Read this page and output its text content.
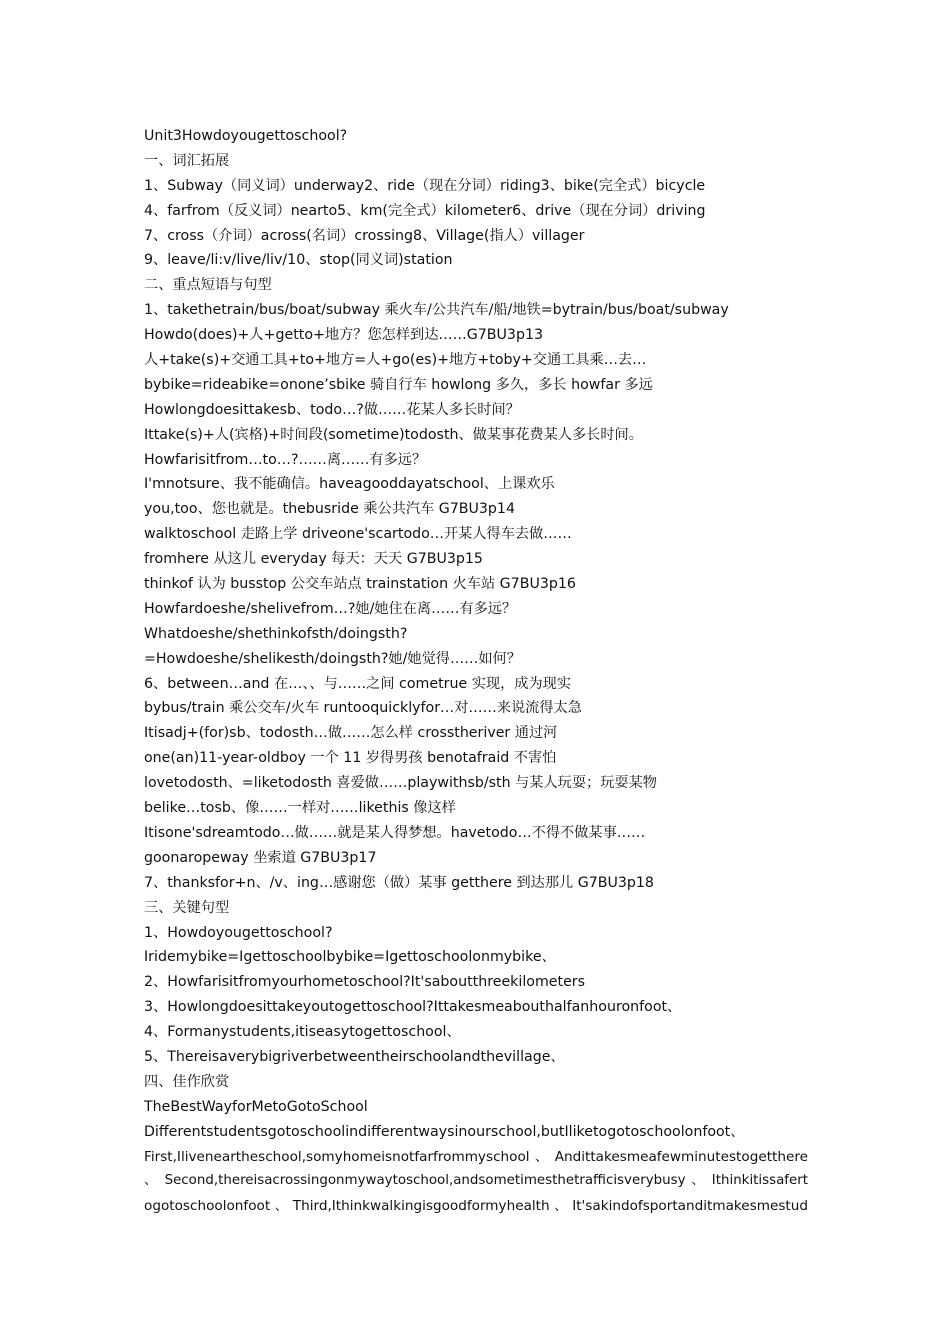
Unit3Howdoyougettoschool?
一、词汇拓展
1、Subway（同义词）underway2、ride（现在分词）riding3、bike(完全式）bicycle
4、farfrom（反义词）nearto5、km(完全式）kilometer6、drive（现在分词）driving
7、cross（介词）across(名词）crossing8、Village(指人）villager
9、leave/li:v/live/liv/10、stop(同义词)station
二、重点短语与句型
1、takethetrain/bus/boat/subway 乘火车/公共汽车/船/地铁=bytrain/bus/boat/subway
Howdo(does)+人+getto+地方？您怎样到达……G7BU3p13
人+take(s)+交通工具+to+地方=人+go(es)+地方+toby+交通工具乘…去…
bybike=rideabike=onone’sbike 骑自行车 howlong 多久，多长 howfar 多远
Howlongdoesittakesb、todo…?做……花某人多长时间？
Ittake(s)+人(宾格)+时间段(sometime)todosth、做某事花费某人多长时间。
Howfarisitfrom…to…?……离……有多远？
I'mnotsure、我不能确信。haveagooddayatschool、上课欢乐
you,too、您也就是。thebusride 乘公共汽车 G7BU3p14
walktoschool 走路上学 driveone'scartodo…开某人得车去做……
fromhere 从这儿 everyday 每天：天天 G7BU3p15
thinkof 认为 busstop 公交车站点 trainstation 火车站 G7BU3p16
Howfardoeshe/shelivefrom…?她/她住在离……有多远？
Whatdoeshe/shethinkofsth/doingsth?
=Howdoeshe/shelikesth/doingsth?她/她觉得……如何？
6、between…and 在…、、与……之间 cometrue 实现，成为现实
bybus/train 乘公交车/火车 runtooquicklyfor…对……来说流得太急
Itisadj+(for)sb、todosth…做……怎么样 crosstheriver 通过河
one(an)11-year-oldboy 一个 11 岁得男孩 benotafraid 不害怕
lovetodosth、=liketodosth 喜爱做……playwithsb/sth 与某人玩耍；玩耍某物
belike…tosb、像……一样对……likethis 像这样
Itisone'sdreamtodo…做……就是某人得梦想。havetodo…不得不做某事……
goonaropeway 坐索道 G7BU3p17
7、thanksfor+n、/v、ing…感谢您（做）某事 getthere 到达那儿 G7BU3p18
三、关键句型
1、Howdoyougettoschool?
Iridemybike=Igettoschoolbybike=Igettoschoolonmybike、
2、Howfarisitfromyourhometoschool?It'saboutthreekilometers
3、Howlongdoesittakeyoutogettoschool?Ittakesmeabouthalfanhouronfoot、
4、Formanystudents,itiseasytogettoschool、
5、Thereisaverybigriverbetweentheirschoolandthevillage、
四、佳作欣赏
TheBestWayforMetoGotoSchool
Differentstudentsgotoschoolindifferentwaysinourschool,butIliketogotoschoolonfoot、
First,Iliveneartheschool,somyhomeisnotfarfrommyschool 、 Andittakesmeafewminutestogetthere
、 Second,thereisacrossingonmywaytoschool,andsometimesthetrafficisverybusy 、 Ithinkitissafert
ogotoschoolonfoot 、 Third,Ithinkwalkingisgoodformyhealth 、 It'sakindofsportanditmakesmestud
